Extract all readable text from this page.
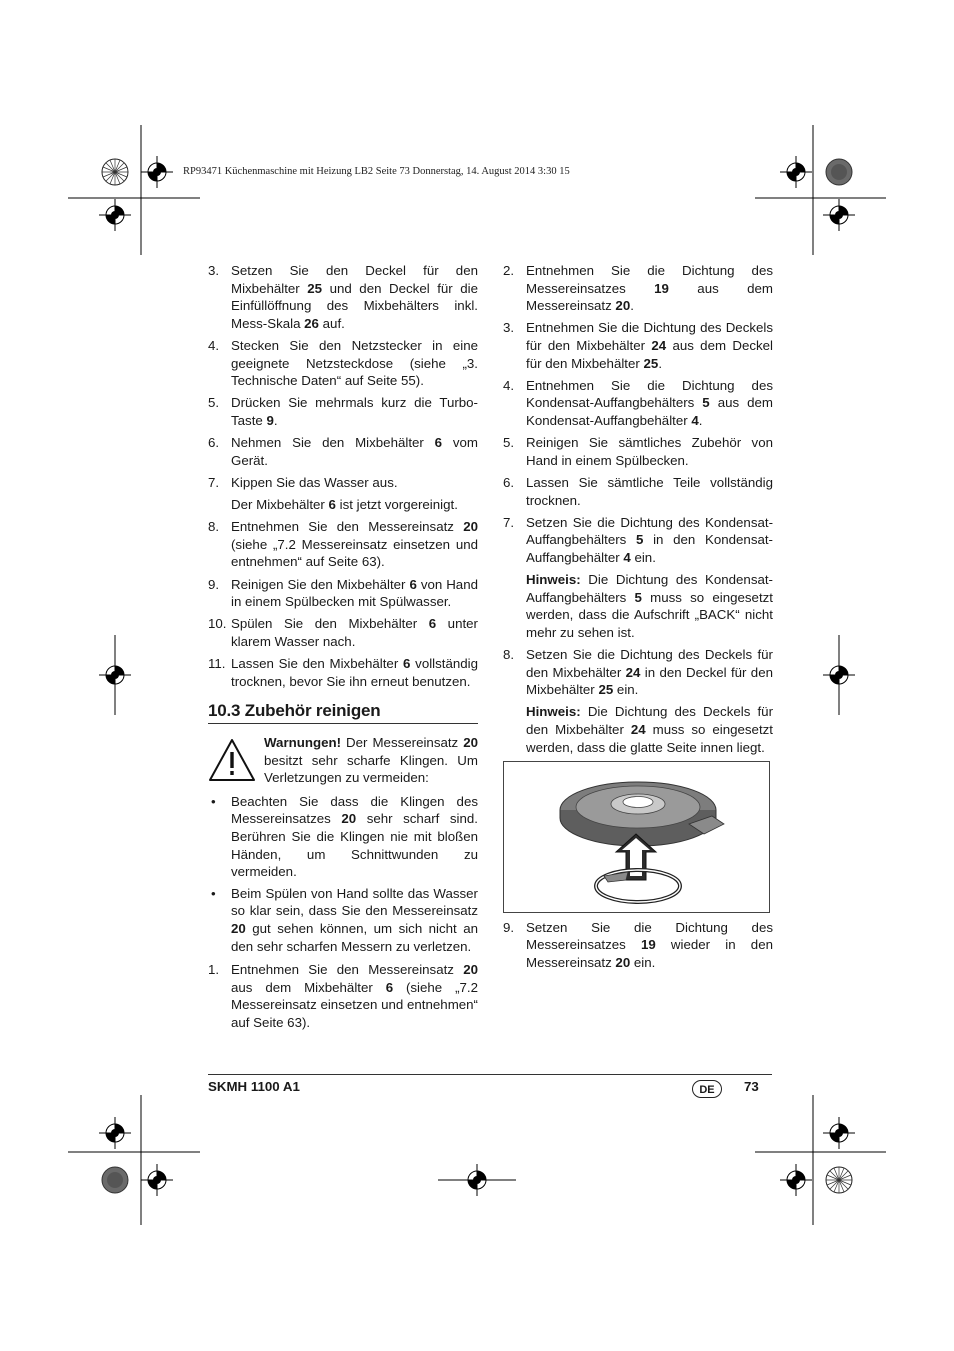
RP93471 Küchenmaschine mit Heizung LB2 Seite 73 Donnerstag, 14. August 2014 3:30 15
3. Setzen Sie den Deckel für den Mixbehälter 25 und den Deckel für die Einfüllöffnung des Mixbehälters inkl. Mess-Skala 26 auf.
4. Stecken Sie den Netzstecker in eine geeignete Netzsteckdose (siehe „3. Technische Daten“ auf Seite 55).
5. Drücken Sie mehrmals kurz die Turbo-Taste 9.
6. Nehmen Sie den Mixbehälter 6 vom Gerät.
7. Kippen Sie das Wasser aus.
Der Mixbehälter 6 ist jetzt vorgereinigt.
8. Entnehmen Sie den Messereinsatz 20 (siehe „7.2 Messereinsatz einsetzen und entnehmen“ auf Seite 63).
9. Reinigen Sie den Mixbehälter 6 von Hand in einem Spülbecken mit Spülwasser.
10. Spülen Sie den Mixbehälter 6 unter klarem Wasser nach.
11. Lassen Sie den Mixbehälter 6 vollständig trocknen, bevor Sie ihn erneut benutzen.
10.3 Zubehör reinigen
Warnungen! Der Messereinsatz 20 besitzt sehr scharfe Klingen. Um Verletzungen zu vermeiden:
•	Beachten Sie dass die Klingen des Messereinsatzes 20 sehr scharf sind. Berühren Sie die Klingen nie mit bloßen Händen, um Schnittwunden zu vermeiden.
•	Beim Spülen von Hand sollte das Wasser so klar sein, dass Sie den Messereinsatz 20 gut sehen können, um sich nicht an den sehr scharfen Messern zu verletzen.
1. Entnehmen Sie den Messereinsatz 20 aus dem Mixbehälter 6 (siehe „7.2 Messereinsatz einsetzen und entnehmen“ auf Seite 63).
2. Entnehmen Sie die Dichtung des Messereinsatzes 19 aus dem Messereinsatz 20.
3. Entnehmen Sie die Dichtung des Deckels für den Mixbehälter 24 aus dem Deckel für den Mixbehälter 25.
4. Entnehmen Sie die Dichtung des Kondensat-Auffangbehälters 5 aus dem Kondensat-Auffangbehälter 4.
5. Reinigen Sie sämtliches Zubehör von Hand in einem Spülbecken.
6. Lassen Sie sämtliche Teile vollständig trocknen.
7. Setzen Sie die Dichtung des Kondensat-Auffangbehälters 5 in den Kondensat-Auffangbehälter 4 ein.
Hinweis: Die Dichtung des Kondensat-Auffangbehälters 5 muss so eingesetzt werden, dass die Aufschrift „BACK“ nicht mehr zu sehen ist.
8. Setzen Sie die Dichtung des Deckels für den Mixbehälter 24 in den Deckel für den Mixbehälter 25 ein.
Hinweis: Die Dichtung des Deckels für den Mixbehälter 24 muss so eingesetzt werden, dass die glatte Seite innen liegt.
9. Setzen Sie die Dichtung des Messereinsatzes 19 wieder in den Messereinsatz 20 ein.
SKMH 1100 A1	DE	73
